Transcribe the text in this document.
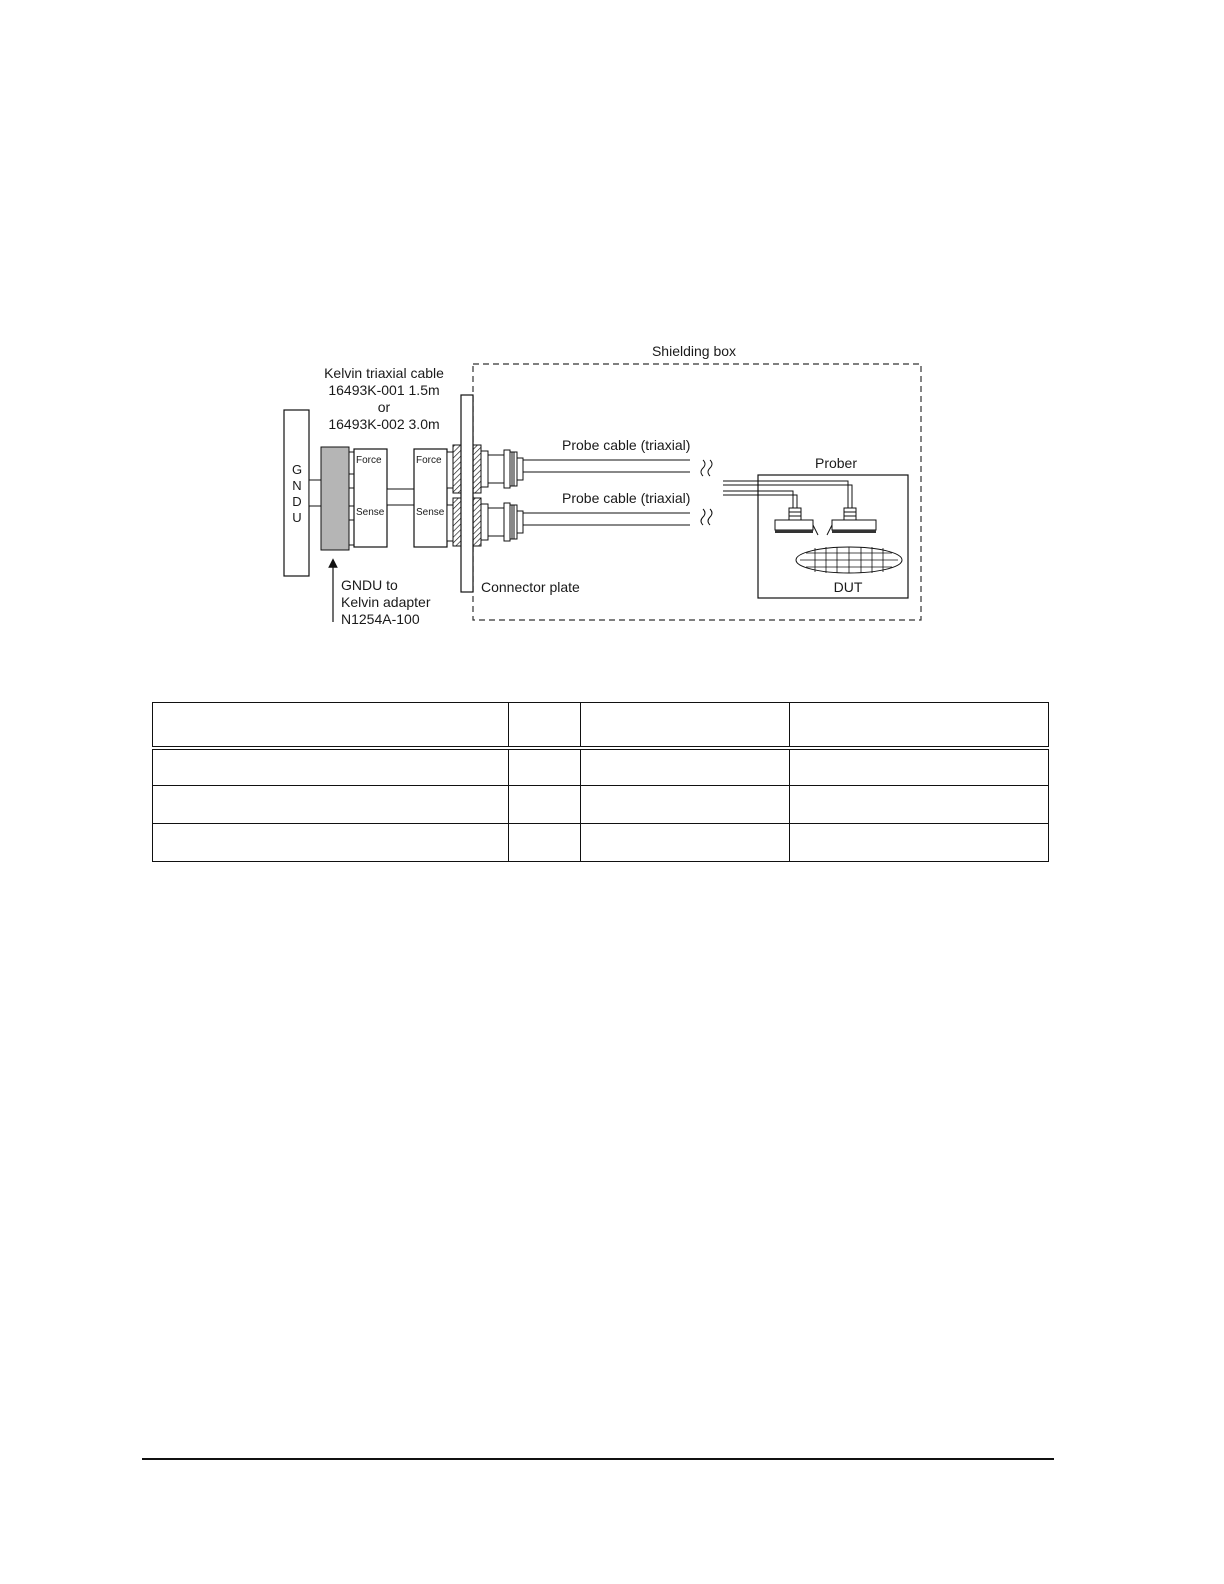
Shielding box
Kelvin triaxial cable
16493K-001 1.5m
or
16493K-002 3.0m
G
N
D
U
Force
Sense
Force
Sense
Connector plate
Probe cable (triaxial)
Probe cable (triaxial)
Prober
DUT
GNDU to
Kelvin adapter
N1254A-100
